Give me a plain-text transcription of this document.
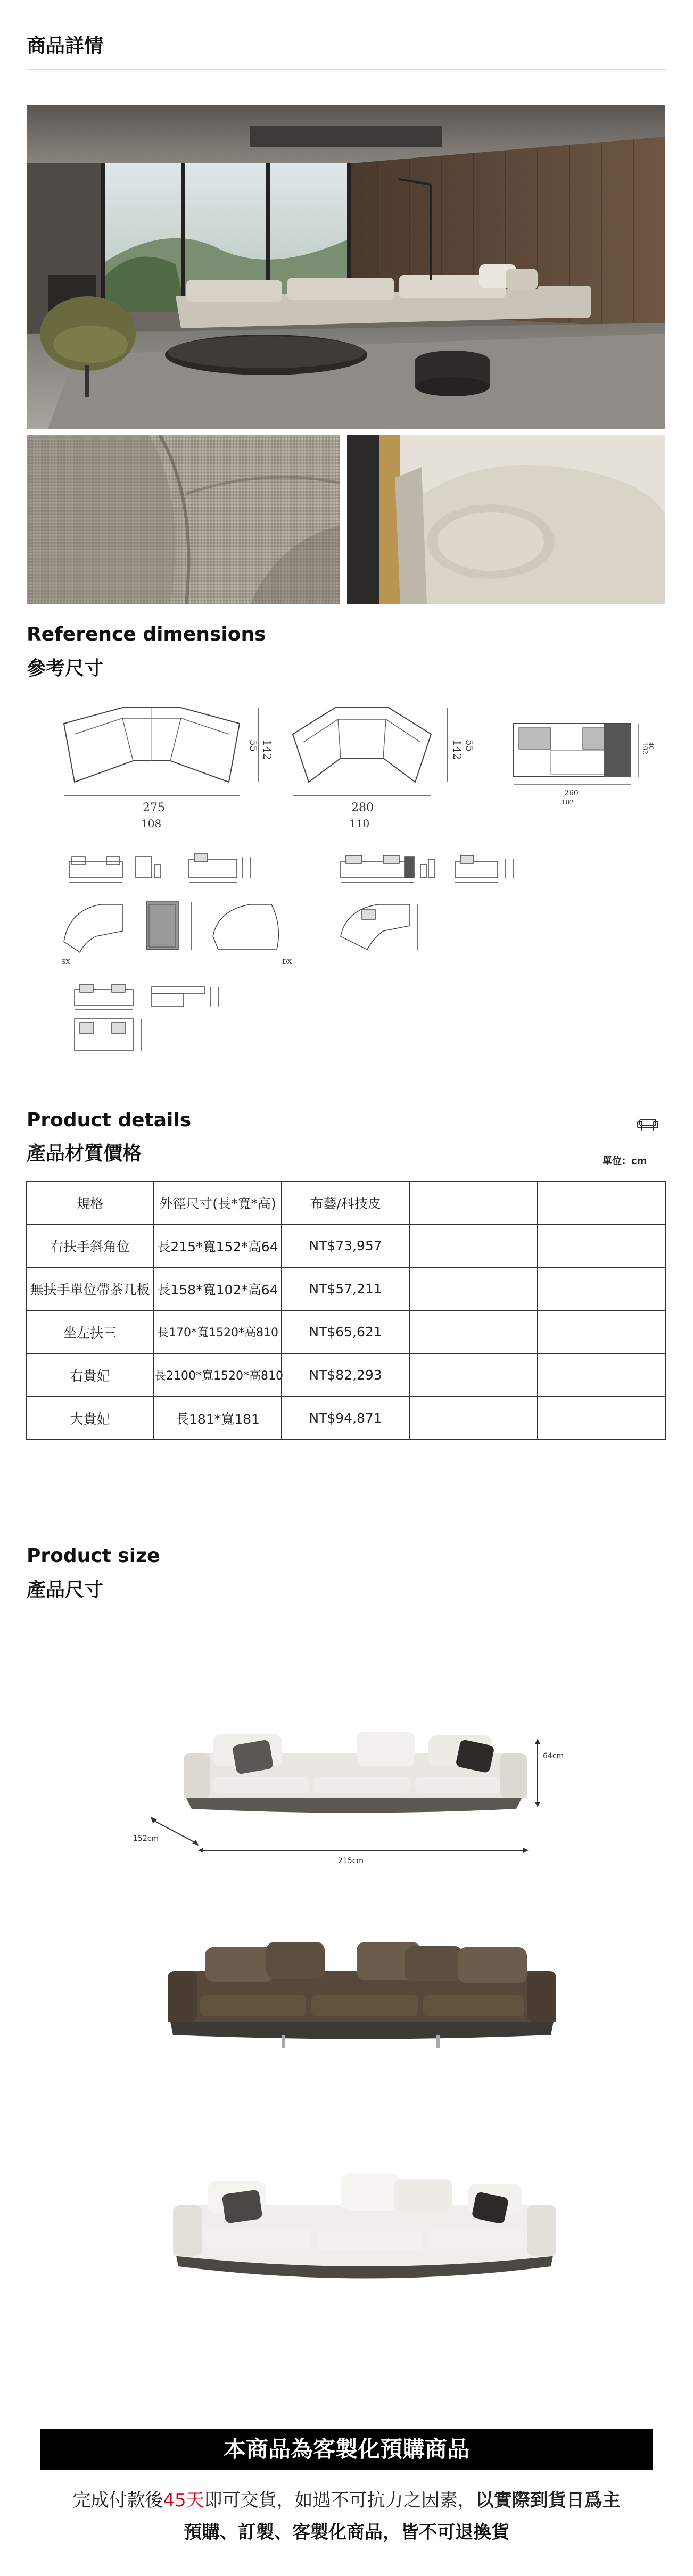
商品詳情
Reference dimensions
參考尺寸
142
55
275
108
142 55
280
110
260
102
102
40
SX	DX
Product details
產品材質價格	單位：cm
規格	外徑尺寸(長*寬*高)	布藝/科技皮		
右扶手斜角位	長215*寬152*高64	NT$73,957		
無扶手單位帶茶几板	長158*寬102*高64	NT$57,211		
坐左扶三	長170*寬1520*高810	NT$65,621		
右貴妃	長2100*寬1520*高810	NT$82,293		
大貴妃	長181*寬181	NT$94,871		
Product size
產品尺寸
64cm
152cm
215cm
本商品為客製化預購商品
完成付款後45天即可交貨，如遇不可抗力之因素，以實際到貨日爲主
預購、訂製、客製化商品，皆不可退換貨
